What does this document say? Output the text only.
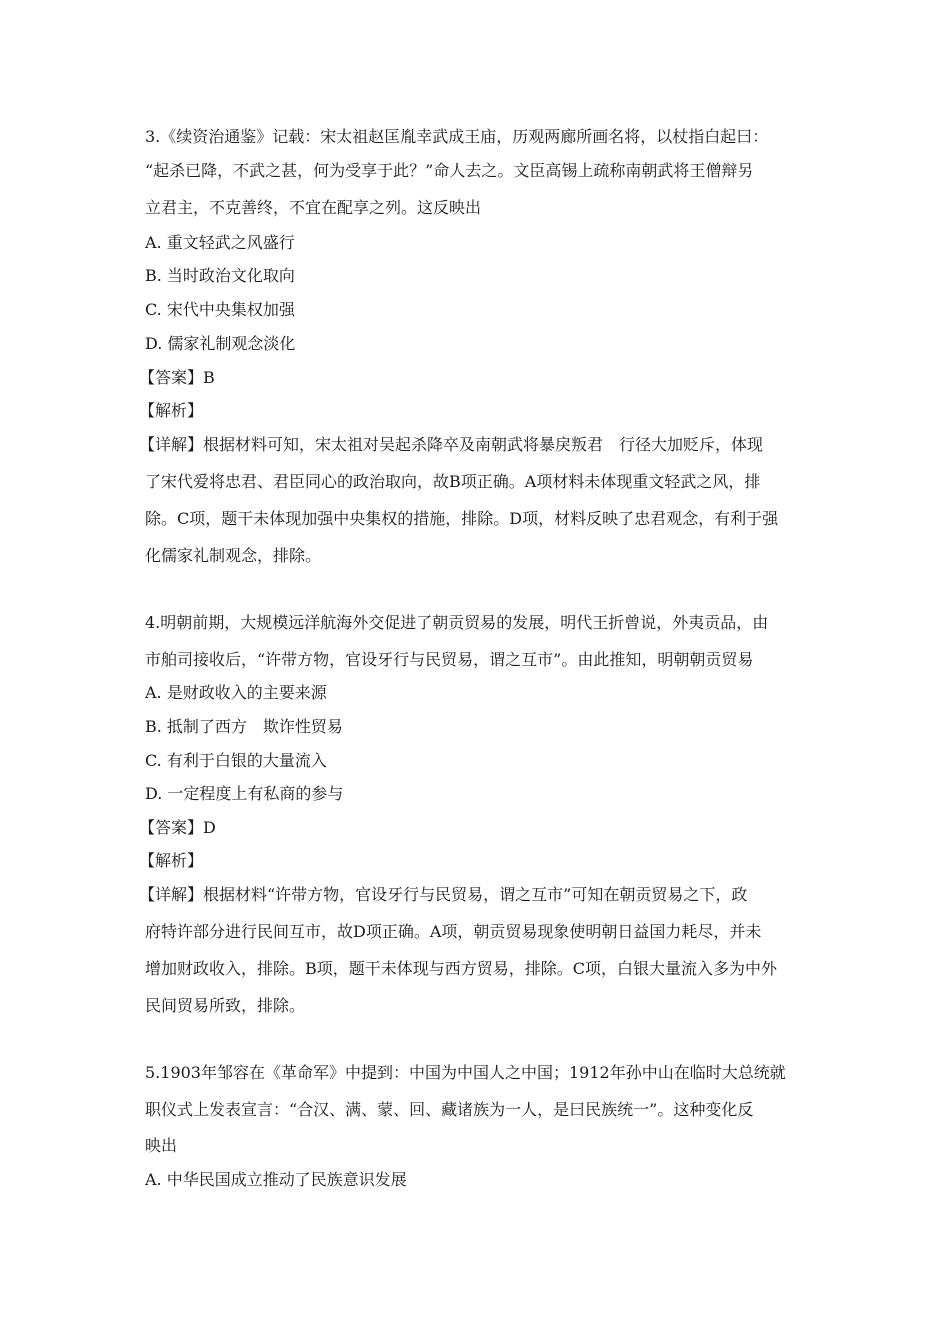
3.《续资治通鉴》记载：宋太祖赵匡胤幸武成王庙，历观两廊所画名将，以杖指白起曰：
“起杀已降，不武之甚，何为受享于此？”命人去之。文臣高锡上疏称南朝武将王僧辩另
立君主，不克善终，不宜在配享之列。这反映出
A. 重文轻武之风盛行
B. 当时政治文化取向
C. 宋代中央集权加强
D. 儒家礼制观念淡化
【答案】B
【解析】
【详解】根据材料可知，宋太祖对吴起杀降卒及南朝武将暴戾叛君　行径大加贬斥，体现
了宋代爱将忠君、君臣同心的政治取向，故B项正确。A项材料未体现重文轻武之风，排
除。C项，题干未体现加强中央集权的措施，排除。D项，材料反映了忠君观念，有利于强
化儒家礼制观念，排除。
4.明朝前期，大规模远洋航海外交促进了朝贡贸易的发展，明代王折曾说，外夷贡品，由
市舶司接收后，“许带方物，官设牙行与民贸易，谓之互市”。由此推知，明朝朝贡贸易
A. 是财政收入的主要来源
B. 抵制了西方　欺诈性贸易
C. 有利于白银的大量流入
D. 一定程度上有私商的参与
【答案】D
【解析】
【详解】根据材料“许带方物，官设牙行与民贸易，谓之互市”可知在朝贡贸易之下，政
府特许部分进行民间互市，故D项正确。A项，朝贡贸易现象使明朝日益国力耗尽，并未
增加财政收入，排除。B项，题干未体现与西方贸易，排除。C项，白银大量流入多为中外
民间贸易所致，排除。
5.1903年邹容在《革命军》中提到：中国为中国人之中国；1912年孙中山在临时大总统就
职仪式上发表宣言：“合汉、满、蒙、回、藏诸族为一人，是曰民族统一”。这种变化反
映出
A. 中华民国成立推动了民族意识发展
